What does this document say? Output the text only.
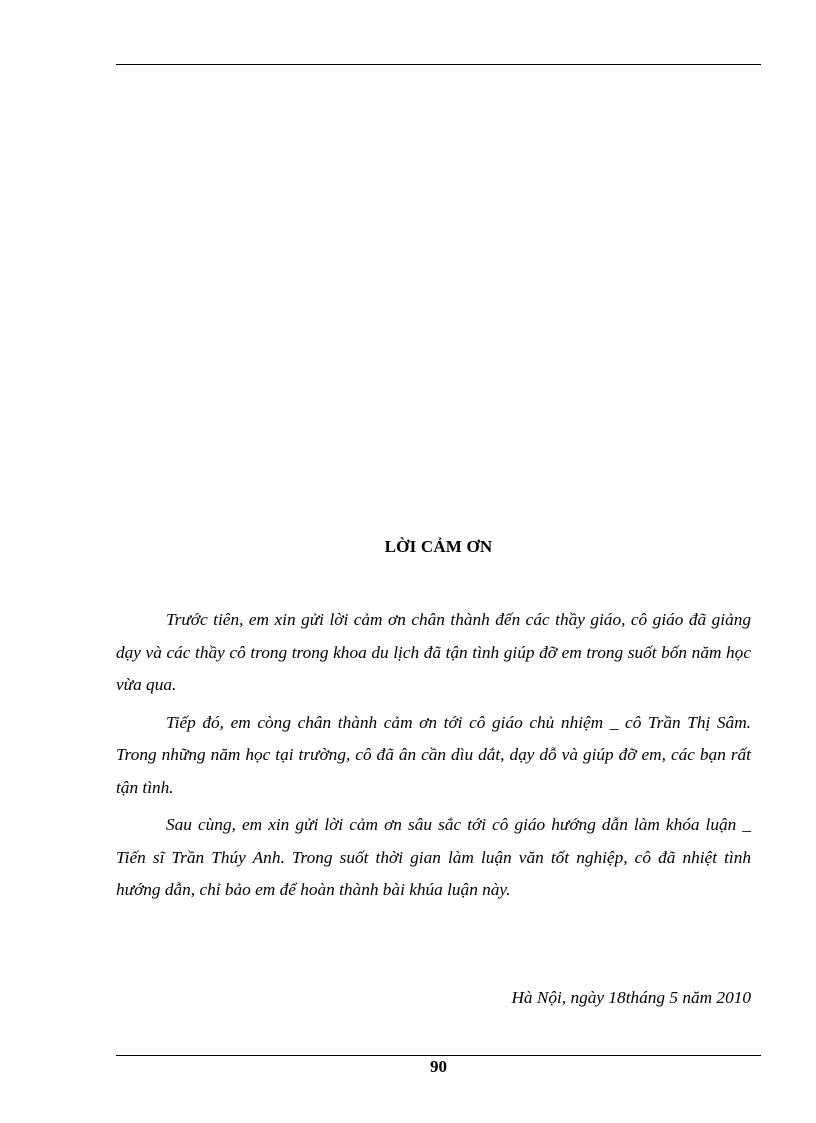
LỜI CẢM ƠN

Trước tiên, em xin gửi lời cảm ơn chân thành đến các thầy giáo, cô giáo đã giảng dạy và các thầy cô trong trong khoa du lịch đã tận tình giúp đỡ em trong suốt bốn năm học vừa qua.

Tiếp đó, em còng chân thành cảm ơn tới cô giáo chủ nhiệm _ cô Trần Thị Sâm. Trong những năm học tại trường, cô đã ân cần dìu dắt, dạy dỗ và giúp đỡ em, các bạn rất tận tình.

Sau cùng, em xin gửi lời cảm ơn sâu sắc tới cô giáo hướng dẫn làm khóa luận _ Tiến sĩ Trần Thúy Anh. Trong suốt thời gian làm luận văn tốt nghiệp, cô đã nhiệt tình hướng dẫn, chỉ bảo em để hoàn thành bài khúa luận này.

Hà Nội, ngày 18tháng 5 năm 2010
90
